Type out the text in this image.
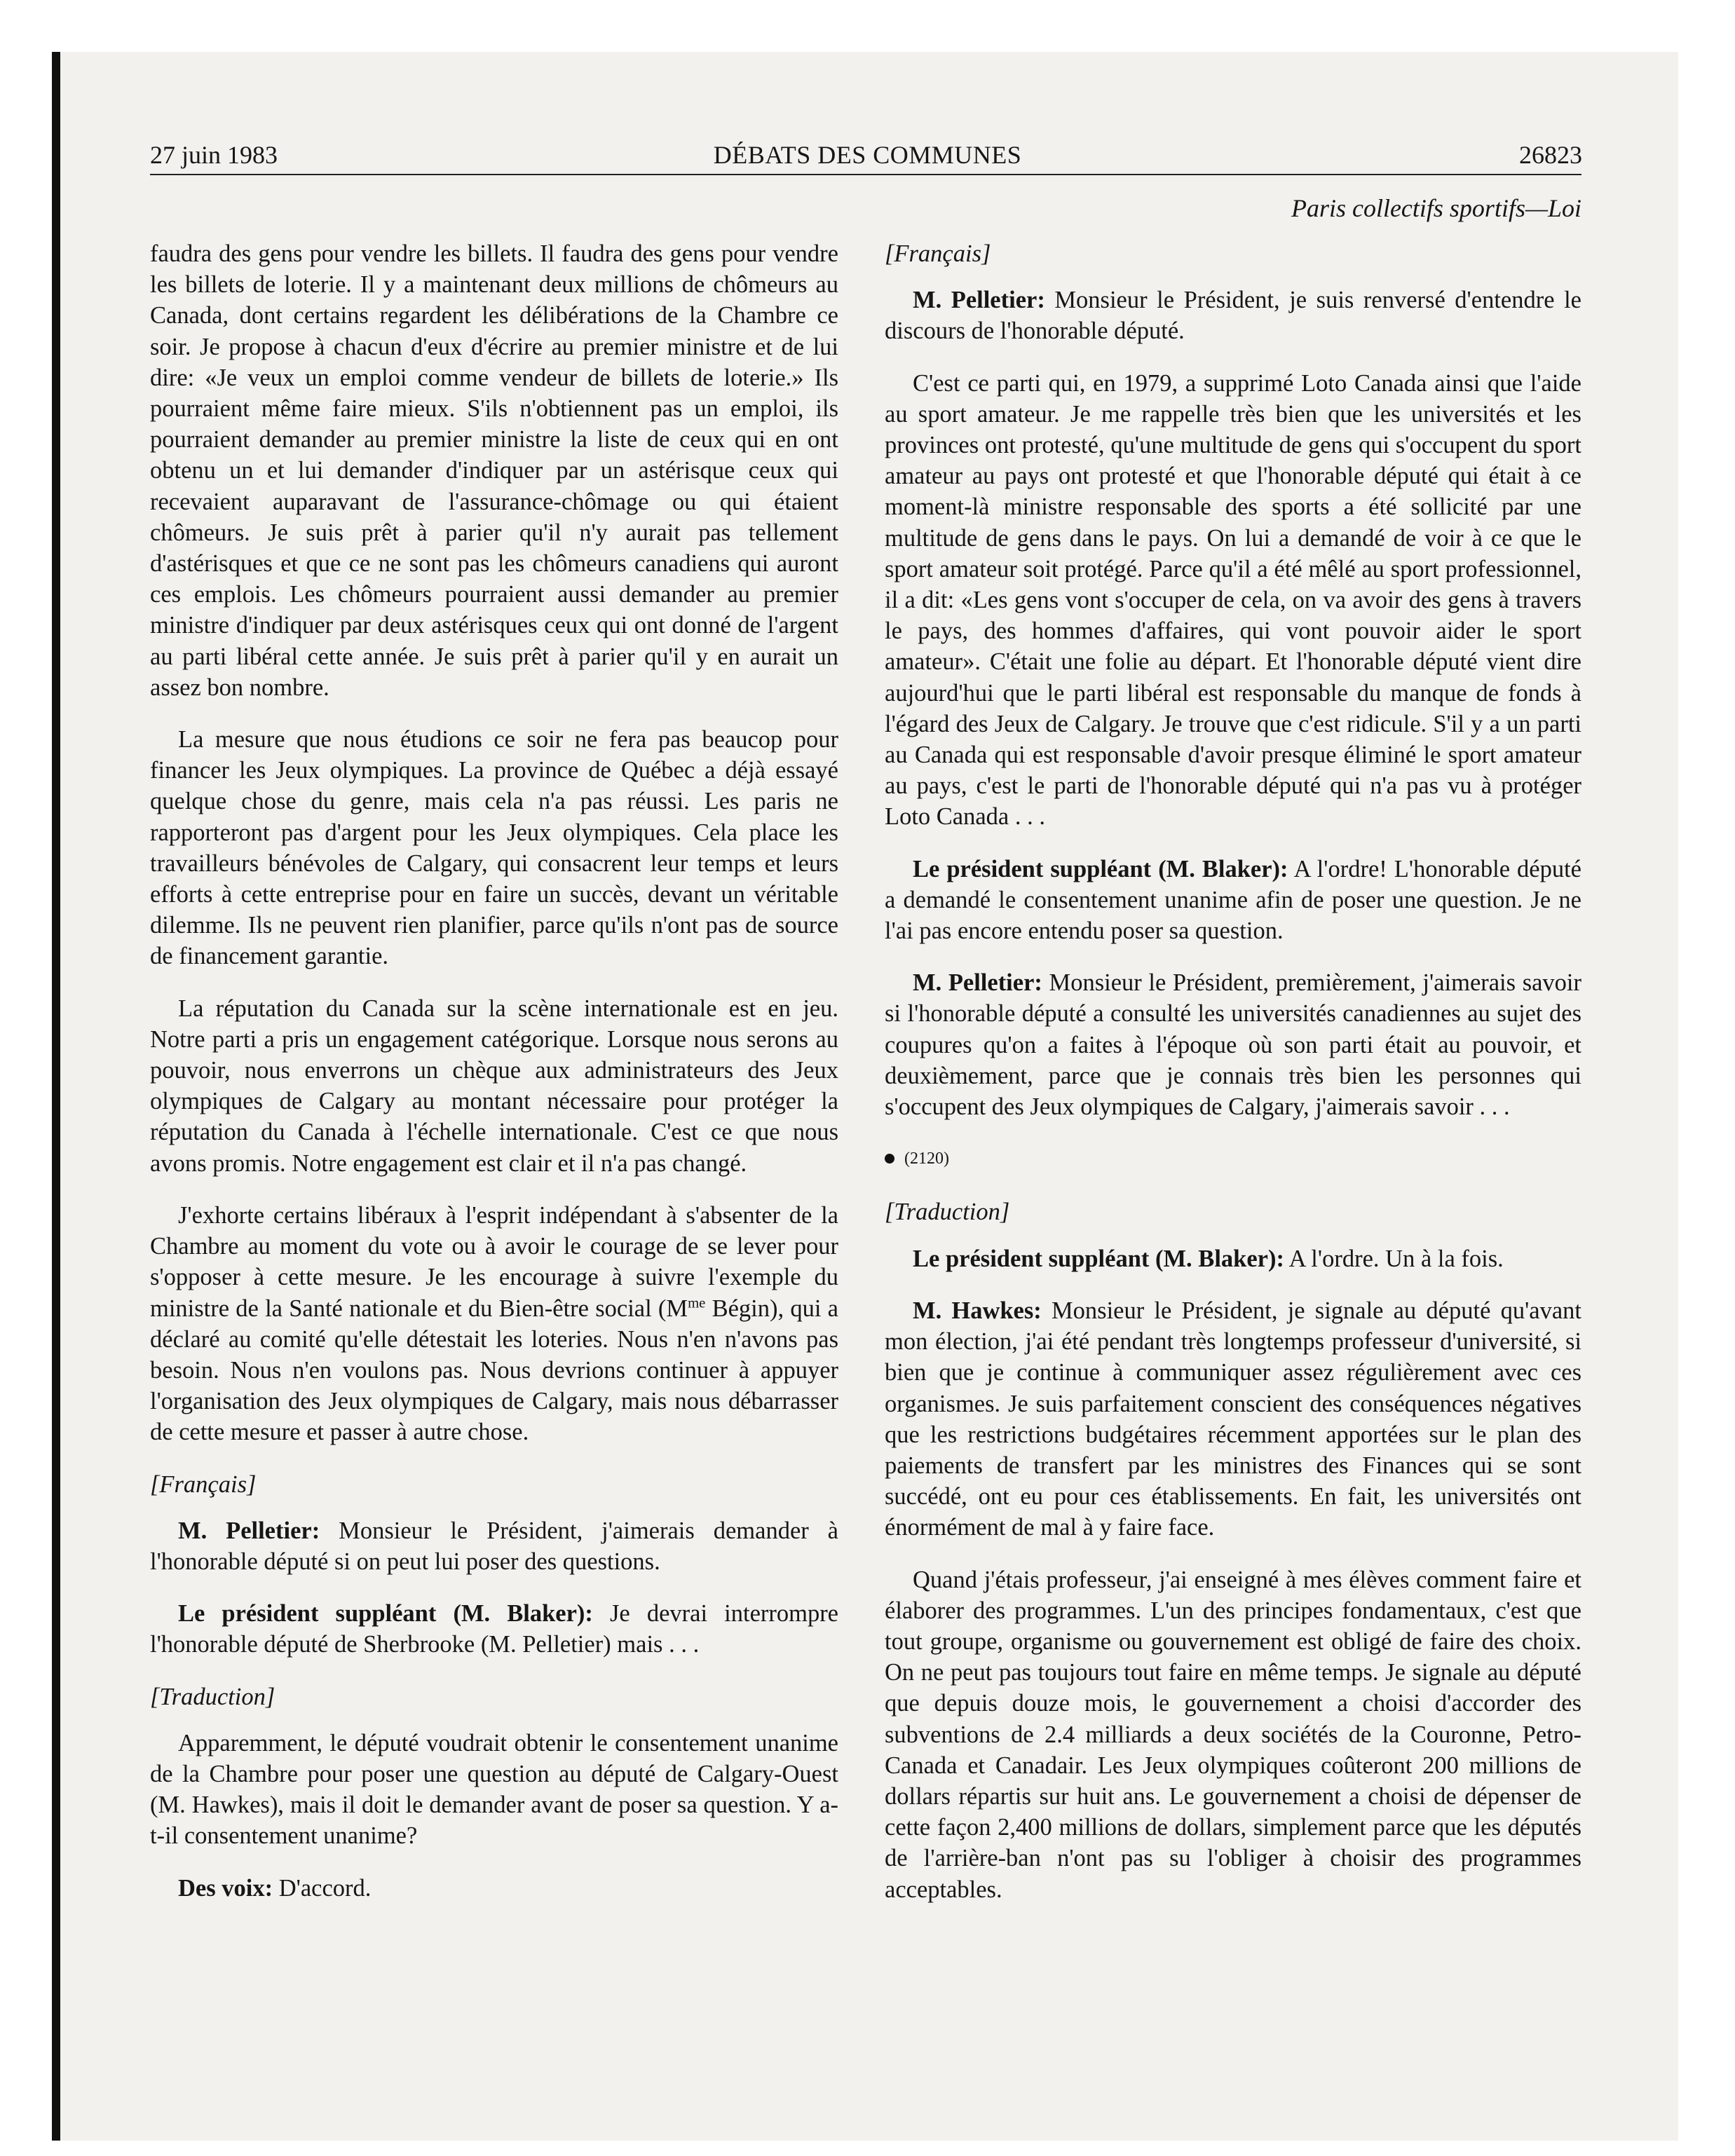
27 juin 1983	DÉBATS DES COMMUNES	26823
Paris collectifs sportifs—Loi

faudra des gens pour vendre les billets. Il faudra des gens pour vendre les billets de loterie. Il y a maintenant deux millions de chômeurs au Canada, dont certains regardent les délibérations de la Chambre ce soir. Je propose à chacun d'eux d'écrire au premier ministre et de lui dire: «Je veux un emploi comme vendeur de billets de loterie.» Ils pourraient même faire mieux. S'ils n'obtiennent pas un emploi, ils pourraient demander au premier ministre la liste de ceux qui en ont obtenu un et lui demander d'indiquer par un astérisque ceux qui recevaient auparavant de l'assurance-chômage ou qui étaient chômeurs. Je suis prêt à parier qu'il n'y aurait pas tellement d'astérisques et que ce ne sont pas les chômeurs canadiens qui auront ces emplois. Les chômeurs pourraient aussi demander au premier ministre d'indiquer par deux astérisques ceux qui ont donné de l'argent au parti libéral cette année. Je suis prêt à parier qu'il y en aurait un assez bon nombre.

La mesure que nous étudions ce soir ne fera pas beaucop pour financer les Jeux olympiques. La province de Québec a déjà essayé quelque chose du genre, mais cela n'a pas réussi. Les paris ne rapporteront pas d'argent pour les Jeux olympiques. Cela place les travailleurs bénévoles de Calgary, qui consacrent leur temps et leurs efforts à cette entreprise pour en faire un succès, devant un véritable dilemme. Ils ne peuvent rien planifier, parce qu'ils n'ont pas de source de financement garantie.

La réputation du Canada sur la scène internationale est en jeu. Notre parti a pris un engagement catégorique. Lorsque nous serons au pouvoir, nous enverrons un chèque aux administrateurs des Jeux olympiques de Calgary au montant nécessaire pour protéger la réputation du Canada à l'échelle internationale. C'est ce que nous avons promis. Notre engagement est clair et il n'a pas changé.

J'exhorte certains libéraux à l'esprit indépendant à s'absenter de la Chambre au moment du vote ou à avoir le courage de se lever pour s'opposer à cette mesure. Je les encourage à suivre l'exemple du ministre de la Santé nationale et du Bien-être social ($M^{me}$ Bégin), qui a déclaré au comité qu'elle détestait les loteries. Nous n'en n'avons pas besoin. Nous n'en voulons pas. Nous devrions continuer à appuyer l'organisation des Jeux olympiques de Calgary, mais nous débarrasser de cette mesure et passer à autre chose.

[Français]

M. Pelletier: Monsieur le Président, j'aimerais demander à l'honorable député si on peut lui poser des questions.

Le président suppléant (M. Blaker): Je devrai interrompre l'honorable député de Sherbrooke (M. Pelletier) mais . . .

[Traduction]

Apparemment, le député voudrait obtenir le consentement unanime de la Chambre pour poser une question au député de Calgary-Ouest (M. Hawkes), mais il doit le demander avant de poser sa question. Y a-t-il consentement unanime?

Des voix: D'accord.

[Français]

M. Pelletier: Monsieur le Président, je suis renversé d'entendre le discours de l'honorable député.

C'est ce parti qui, en 1979, a supprimé Loto Canada ainsi que l'aide au sport amateur. Je me rappelle très bien que les universités et les provinces ont protesté, qu'une multitude de gens qui s'occupent du sport amateur au pays ont protesté et que l'honorable député qui était à ce moment-là ministre responsable des sports a été sollicité par une multitude de gens dans le pays. On lui a demandé de voir à ce que le sport amateur soit protégé. Parce qu'il a été mêlé au sport professionnel, il a dit: «Les gens vont s'occuper de cela, on va avoir des gens à travers le pays, des hommes d'affaires, qui vont pouvoir aider le sport amateur». C'était une folie au départ. Et l'honorable député vient dire aujourd'hui que le parti libéral est responsable du manque de fonds à l'égard des Jeux de Calgary. Je trouve que c'est ridicule. S'il y a un parti au Canada qui est responsable d'avoir presque éliminé le sport amateur au pays, c'est le parti de l'honorable député qui n'a pas vu à protéger Loto Canada . . .

Le président suppléant (M. Blaker): A l'ordre! L'honorable député a demandé le consentement unanime afin de poser une question. Je ne l'ai pas encore entendu poser sa question.

M. Pelletier: Monsieur le Président, premièrement, j'aimerais savoir si l'honorable député a consulté les universités canadiennes au sujet des coupures qu'on a faites à l'époque où son parti était au pouvoir, et deuxièmement, parce que je connais très bien les personnes qui s'occupent des Jeux olympiques de Calgary, j'aimerais savoir . . .

(2120)

[Traduction]

Le président suppléant (M. Blaker): A l'ordre. Un à la fois.

M. Hawkes: Monsieur le Président, je signale au député qu'avant mon élection, j'ai été pendant très longtemps professeur d'université, si bien que je continue à communiquer assez régulièrement avec ces organismes. Je suis parfaitement conscient des conséquences négatives que les restrictions budgétaires récemment apportées sur le plan des paiements de transfert par les ministres des Finances qui se sont succédé, ont eu pour ces établissements. En fait, les universités ont énormément de mal à y faire face.

Quand j'étais professeur, j'ai enseigné à mes élèves comment faire et élaborer des programmes. L'un des principes fondamentaux, c'est que tout groupe, organisme ou gouvernement est obligé de faire des choix. On ne peut pas toujours tout faire en même temps. Je signale au député que depuis douze mois, le gouvernement a choisi d'accorder des subventions de 2.4 milliards a deux sociétés de la Couronne, Petro-Canada et Canadair. Les Jeux olympiques coûteront 200 millions de dollars répartis sur huit ans. Le gouvernement a choisi de dépenser de cette façon 2,400 millions de dollars, simplement parce que les députés de l'arrière-ban n'ont pas su l'obliger à choisir des programmes acceptables.
